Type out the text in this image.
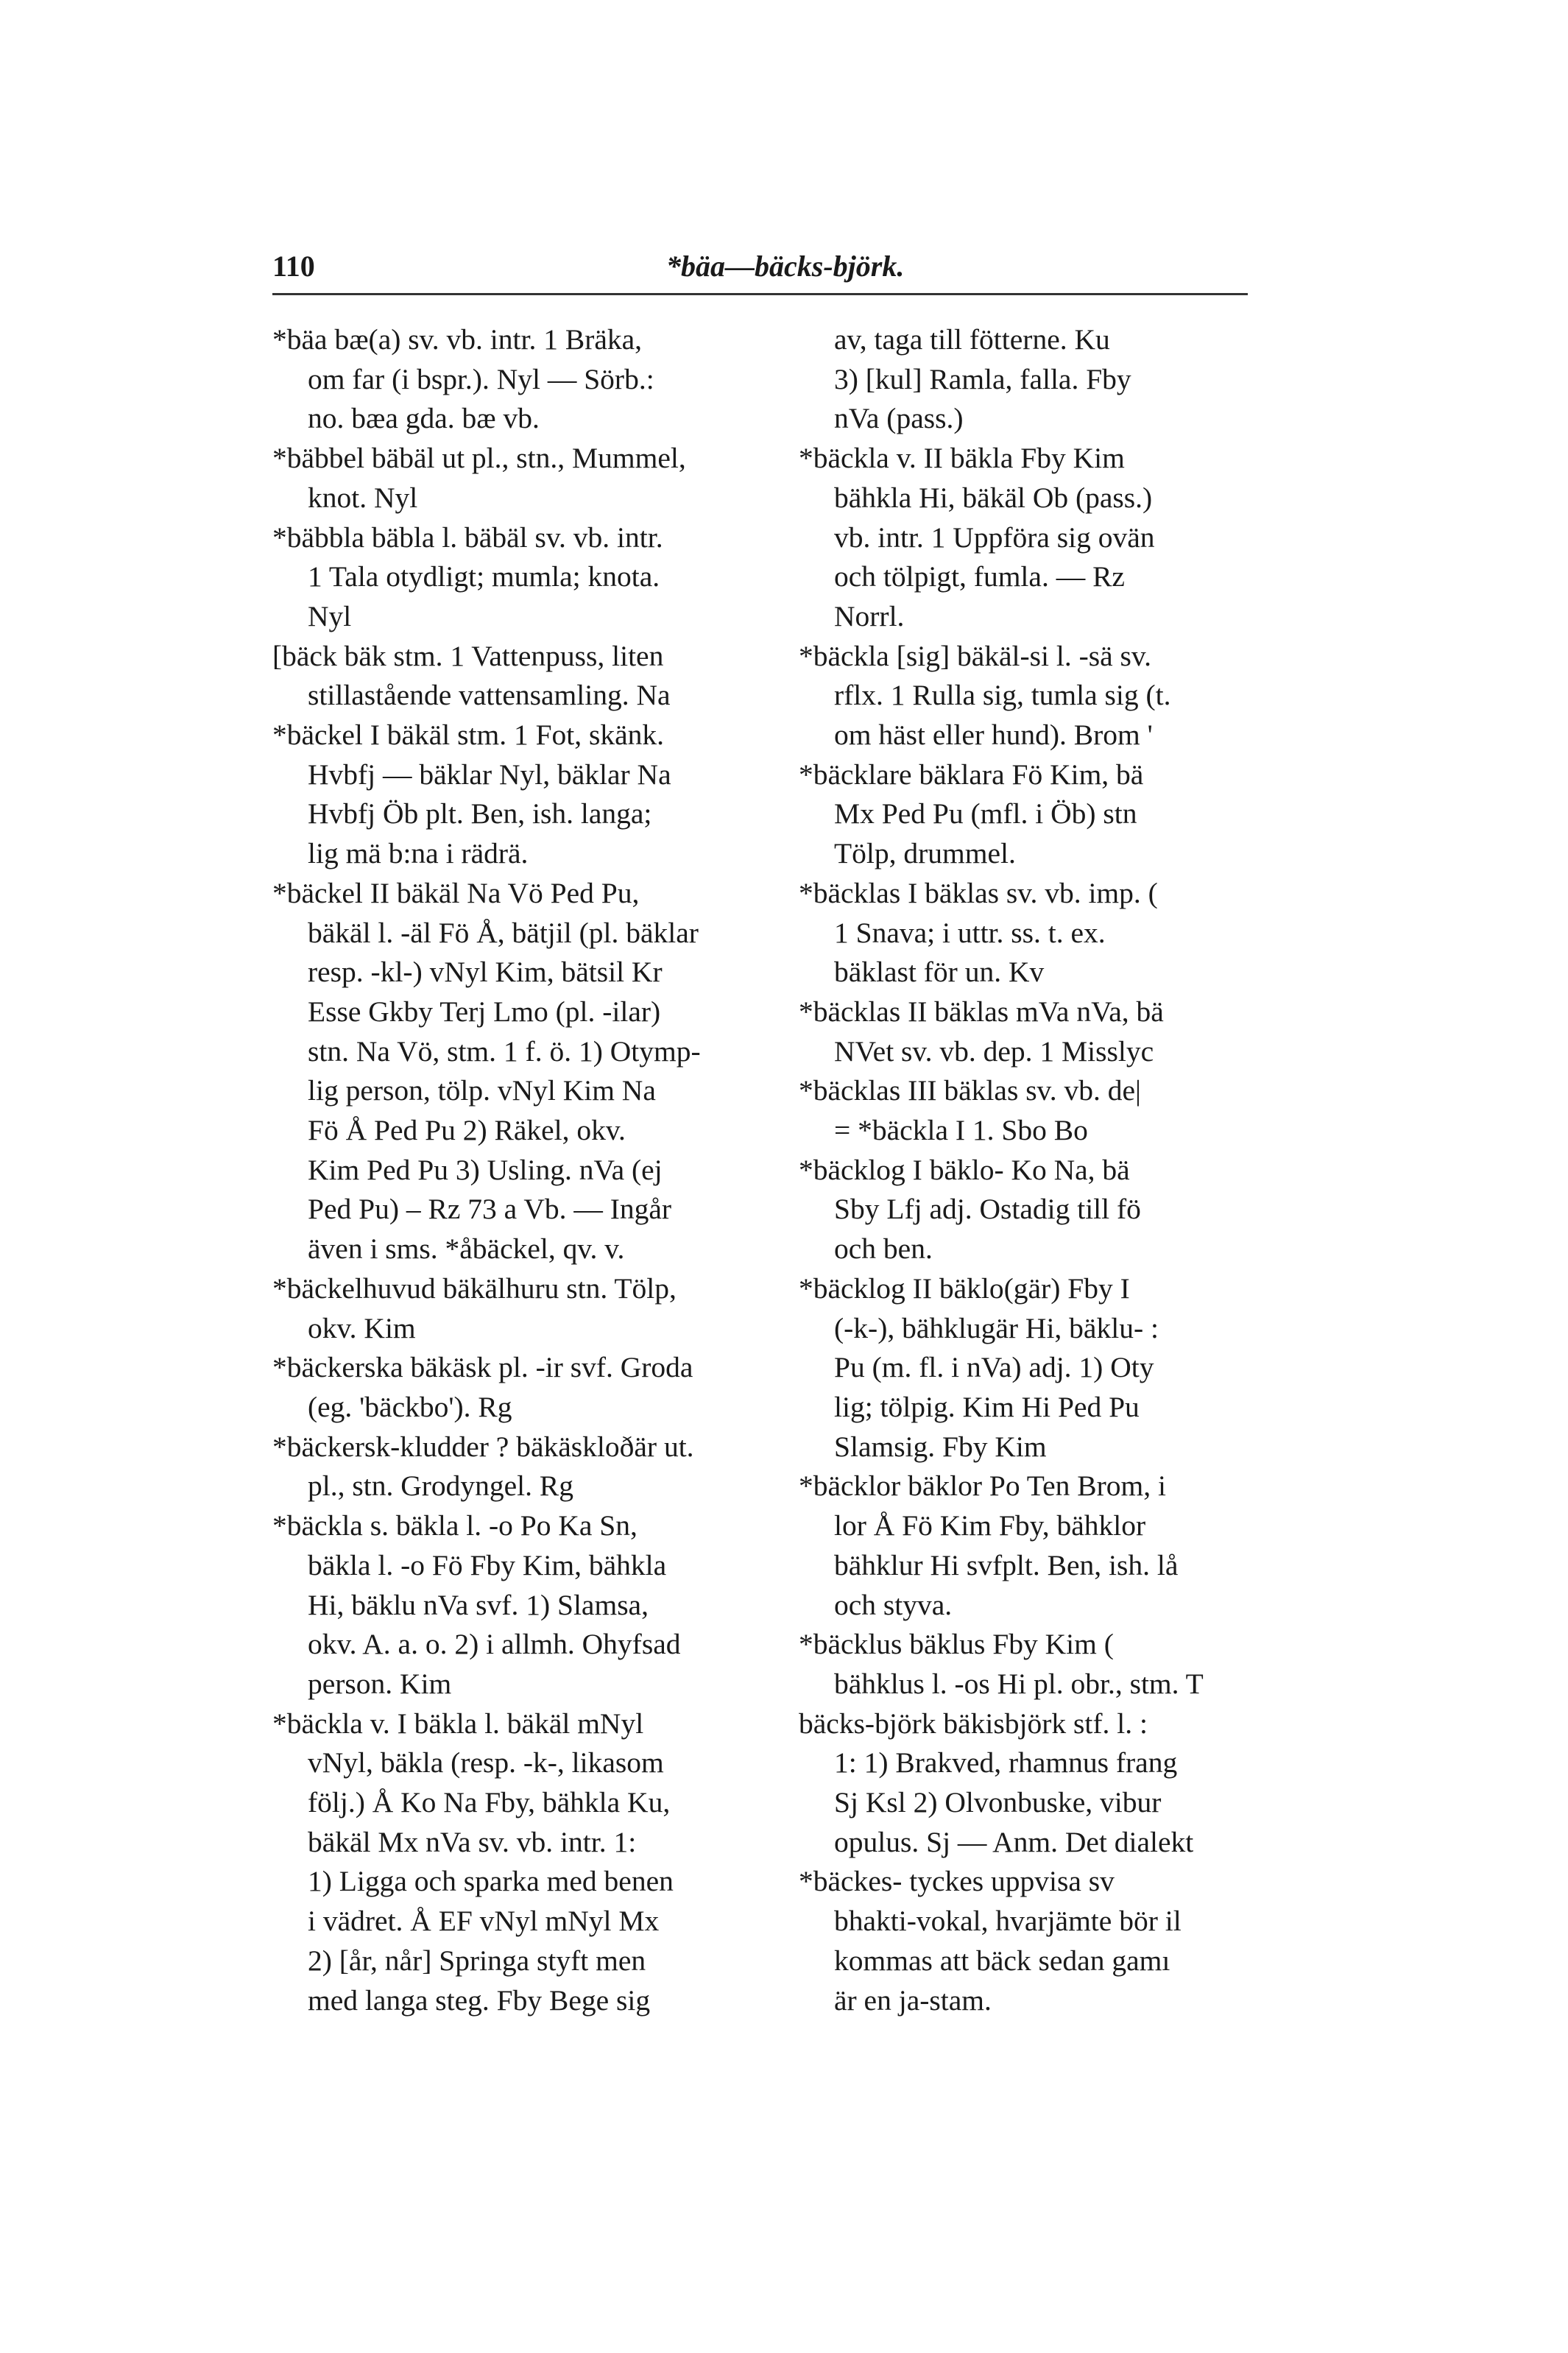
110	*bäa—bäcks-björk.
*bäa bæ(a) sv. vb. intr. 1 Bräka,
om far (i bspr.). Nyl — Sörb.:
no. bæa gda. bæ vb.
*bäbbel bäbäl ut pl., stn., Mummel,
knot. Nyl
*bäbbla bäbla l. bäbäl sv. vb. intr.
1 Tala otydligt; mumla; knota.
Nyl
[bäck bäk stm. 1 Vattenpuss, liten
stillastående vattensamling. Na
*bäckel I bäkäl stm. 1 Fot, skänk.
Hvbfj — bäklar Nyl, bäklar Na
Hvbfj Öb plt. Ben, ish. langa;
lig mä b:na i rädrä.
*bäckel II bäkäl Na Vö Ped Pu,
bäkäl l. -äl Fö Å, bätjil (pl. bäklar
resp. -kl-) vNyl Kim, bätsil Kr
Esse Gkby Terj Lmo (pl. -ilar)
stn. Na Vö, stm. 1 f. ö. 1) Otymp-
lig person, tölp. vNyl Kim Na
Fö Å Ped Pu 2) Räkel, okv.
Kim Ped Pu 3) Usling. nVa (ej
Ped Pu) – Rz 73 a Vb. — Ingår
även i sms. *åbäckel, qv. v.
*bäckelhuvud bäkälhuru stn. Tölp,
okv. Kim
*bäckerska bäkäsk pl. -ir svf. Groda
(eg. 'bäckbo'). Rg
*bäckersk-kludder ? bäkäskloðär ut.
pl., stn. Grodyngel. Rg
*bäckla s. bäkla l. -o Po Ka Sn,
bäkla l. -o Fö Fby Kim, bähkla
Hi, bäklu nVa svf. 1) Slamsa,
okv. A. a. o. 2) i allmh. Ohyfsad
person. Kim
*bäckla v. I bäkla l. bäkäl mNyl
vNyl, bäkla (resp. -k-, likasom
följ.) Å Ko Na Fby, bähkla Ku,
bäkäl Mx nVa sv. vb. intr. 1:
1) Ligga och sparka med benen
i vädret. Å EF vNyl mNyl Mx
2) [år, når] Springa styft men
med langa steg. Fby Bege sig
av, taga till fötterne. Ku
3) [kul] Ramla, falla. Fby
nVa (pass.)
*bäckla v. II bäkla Fby Kim
bähkla Hi, bäkäl Ob (pass.)
vb. intr. 1 Uppföra sig ovän
och tölpigt, fumla. — Rz
Norrl.
*bäckla [sig] bäkäl-si l. -sä sv.
rflx. 1 Rulla sig, tumla sig (t.
om häst eller hund). Brom '
*bäcklare bäklara Fö Kim, bä
Mx Ped Pu (mfl. i Öb) stn
Tölp, drummel.
*bäcklas I bäklas sv. vb. imp. (
1 Snava; i uttr. ss. t. ex.
bäklast för un. Kv
*bäcklas II bäklas mVa nVa, bä
NVet sv. vb. dep. 1 Misslyc
*bäcklas III bäklas sv. vb. de|
= *bäckla I 1. Sbo Bo
*bäcklog I bäklo- Ko Na, bä
Sby Lfj adj. Ostadig till fö
och ben.
*bäcklog II bäklo(gär) Fby I
(-k-), bähklugär Hi, bäklu- :
Pu (m. fl. i nVa) adj. 1) Oty
lig; tölpig. Kim Hi Ped Pu
Slamsig. Fby Kim
*bäcklor bäklor Po Ten Brom, i
lor Å Fö Kim Fby, bähklor
bähklur Hi svfplt. Ben, ish. lå
och styva.
*bäcklus bäklus Fby Kim (
bähklus l. -os Hi pl. obr., stm. T
bäcks-björk bäkisbjörk stf. l. :
1: 1) Brakved, rhamnus frang
Sj Ksl 2) Olvonbuske, vibur
opulus. Sj — Anm. Det dialekt
*bäckes- tyckes uppvisa sv
bhakti-vokal, hvarjämte bör il
kommas att bäck sedan gamı
är en ja-stam.
